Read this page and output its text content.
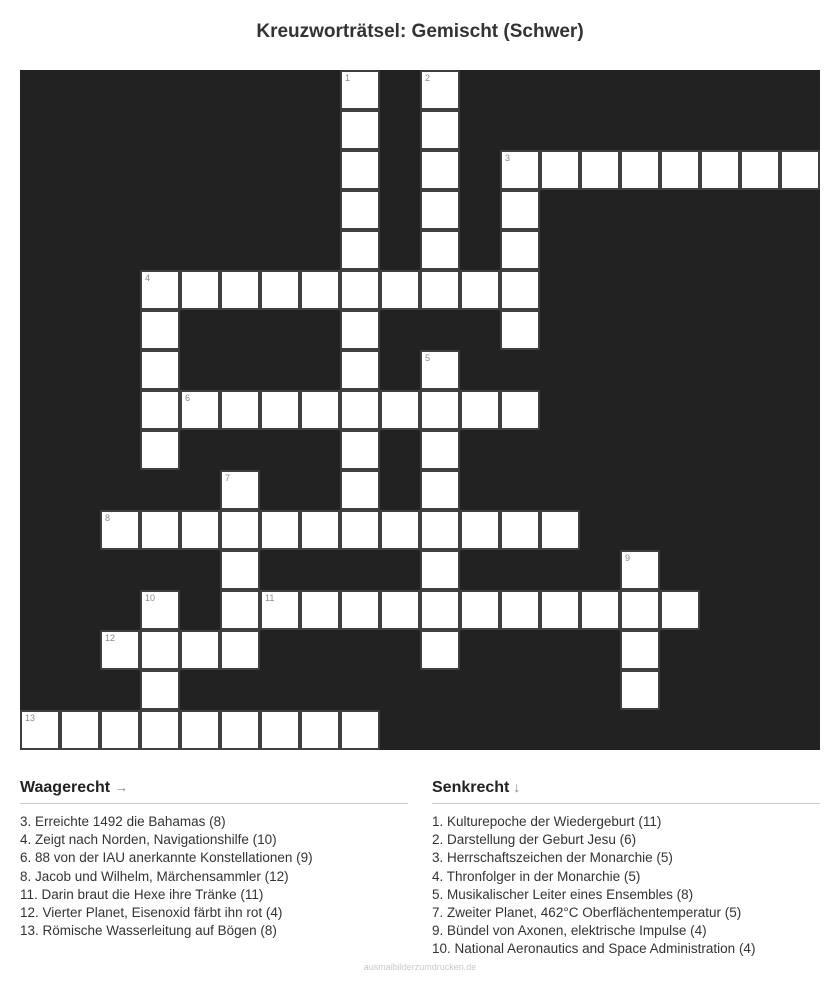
Kreuzworträtsel: Gemischt (Schwer)
1	2
3
4
5
6
7
8
9
10	11
12
13
Waagerecht →
3. Erreichte 1492 die Bahamas (8)
4. Zeigt nach Norden, Navigationshilfe (10)
6. 88 von der IAU anerkannte Konstellationen (9)
8. Jacob und Wilhelm, Märchensammler (12)
11. Darin braut die Hexe ihre Tränke (11)
12. Vierter Planet, Eisenoxid färbt ihn rot (4)
13. Römische Wasserleitung auf Bögen (8)
Senkrecht ↓
1. Kulturepoche der Wiedergeburt (11)
2. Darstellung der Geburt Jesu (6)
3. Herrschaftszeichen der Monarchie (5)
4. Thronfolger in der Monarchie (5)
5. Musikalischer Leiter eines Ensembles (8)
7. Zweiter Planet, 462°C Oberflächentemperatur (5)
9. Bündel von Axonen, elektrische Impulse (4)
10. National Aeronautics and Space Administration (4)
ausmalbilderzumdrucken.de
